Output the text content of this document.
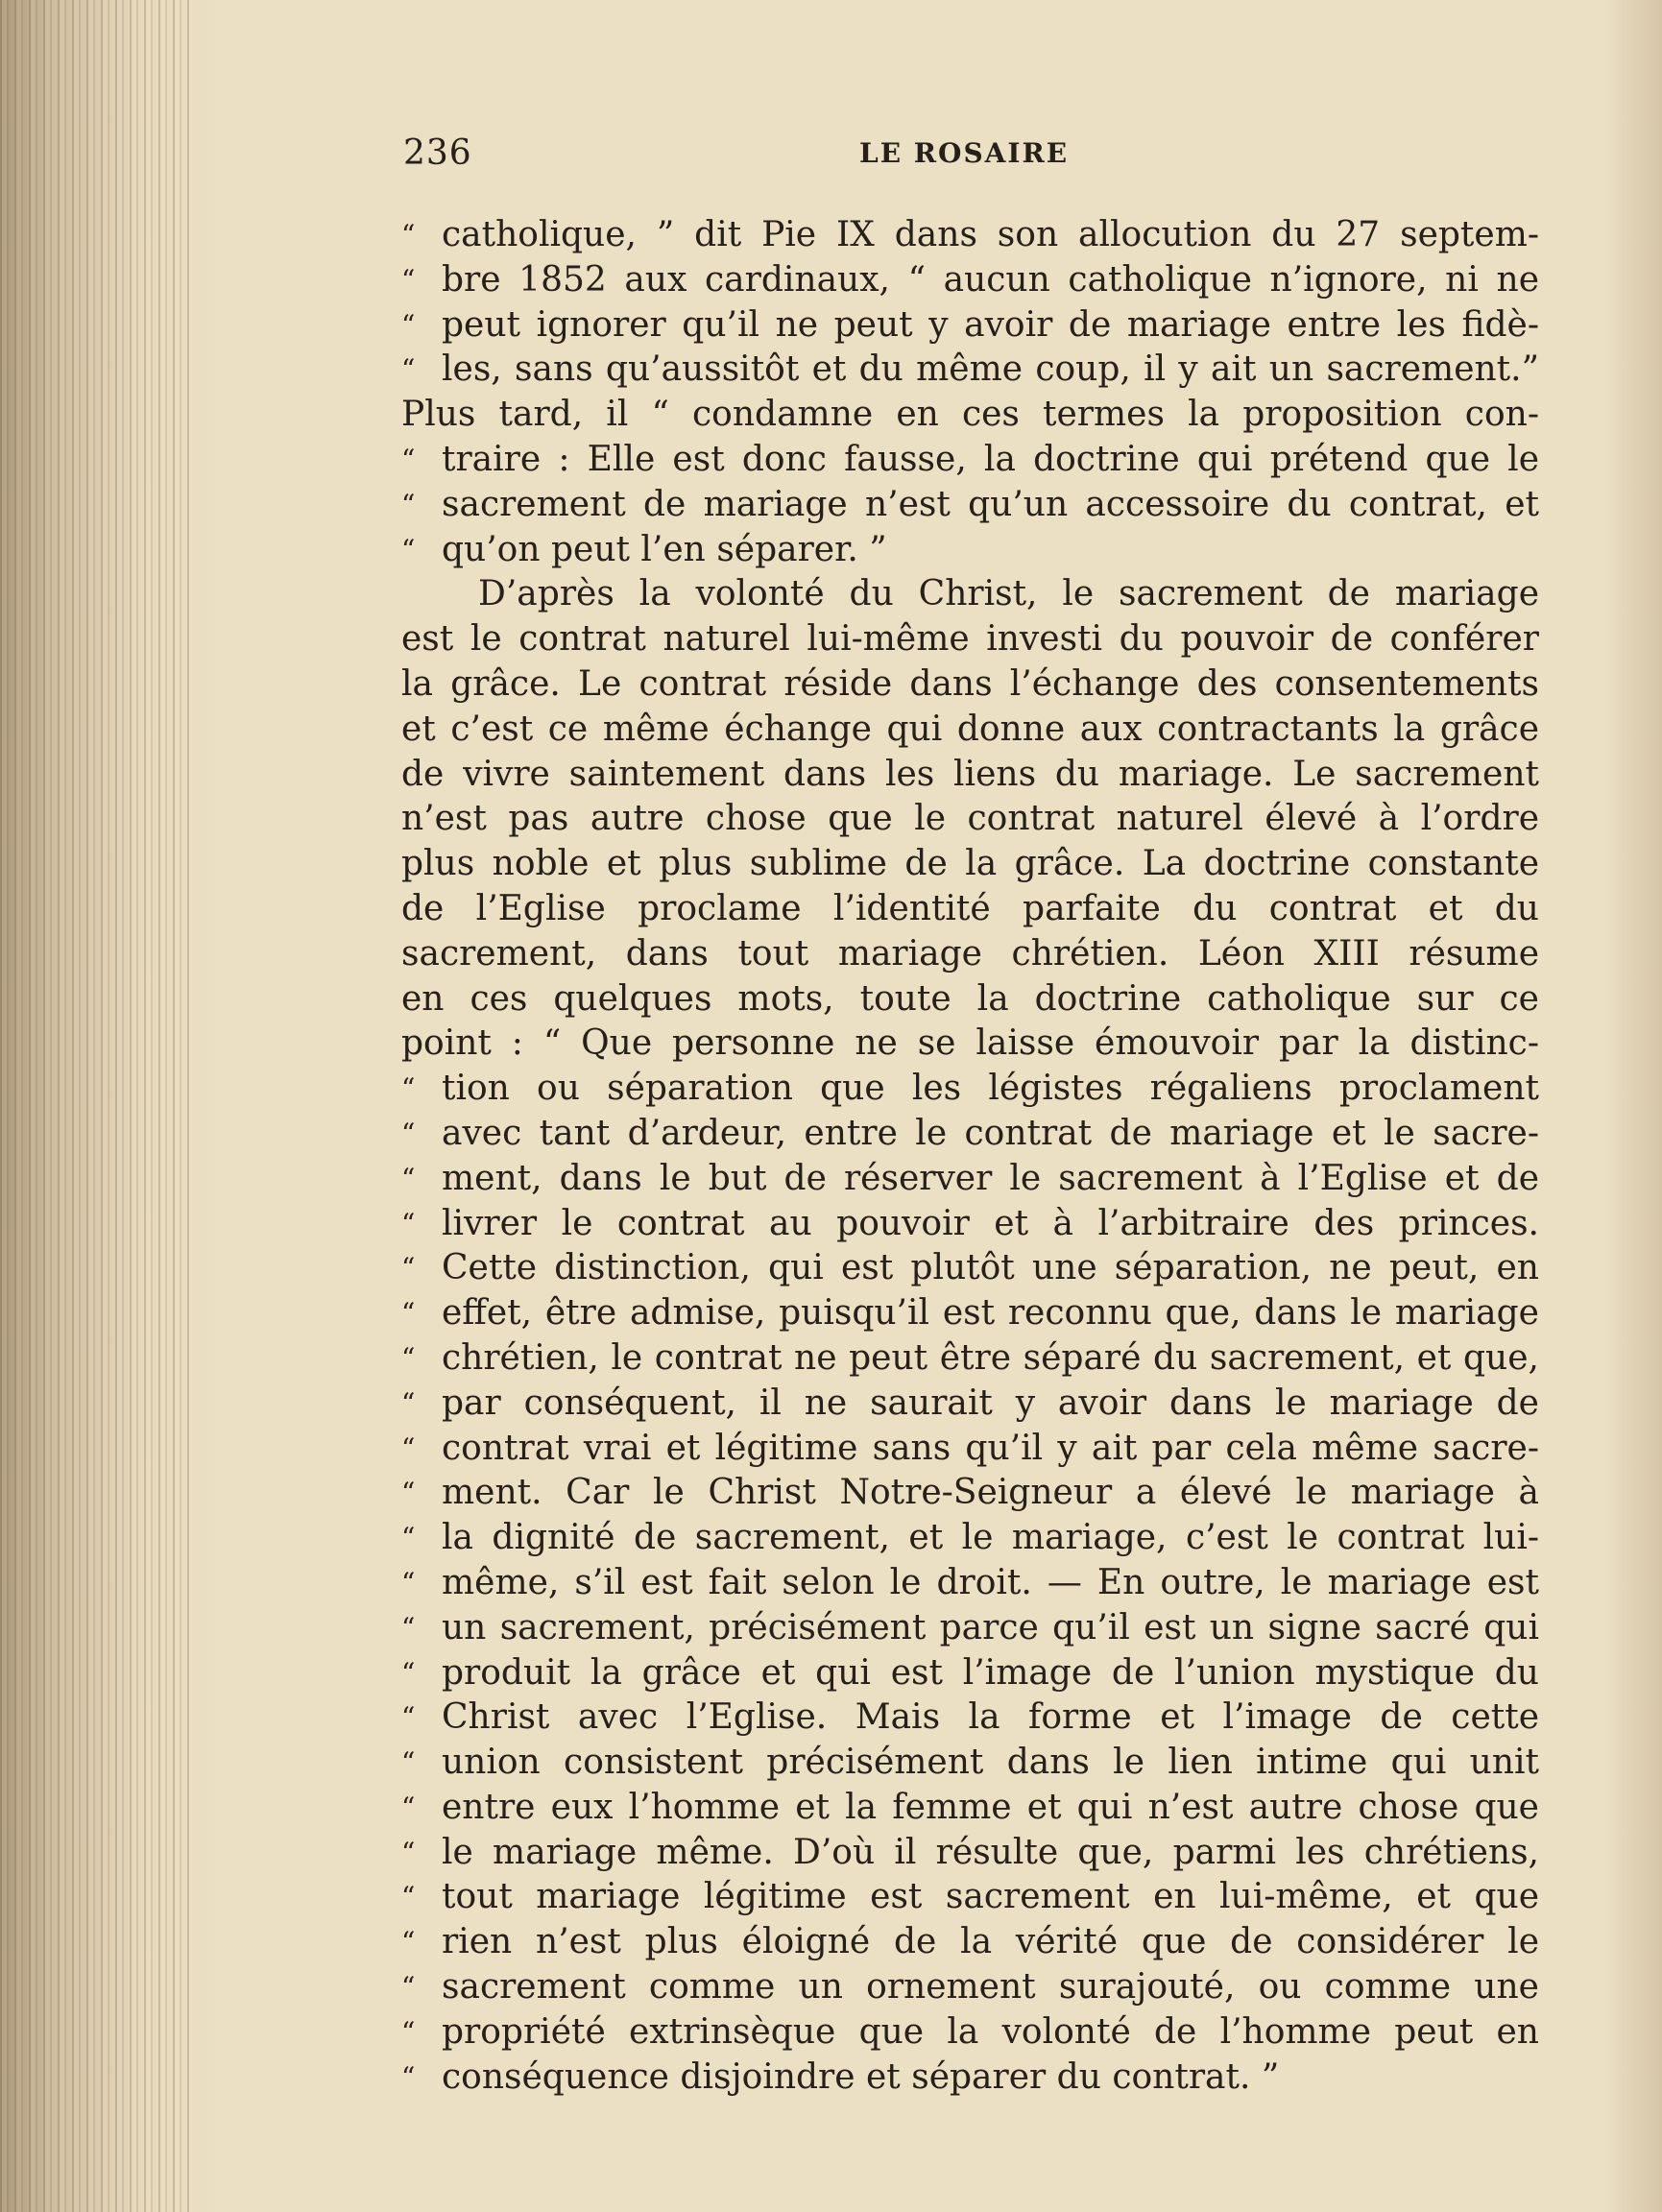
236	LE ROSAIRE
“ catholique, ” dit Pie IX dans son allocution du 27 septem-
“ bre 1852 aux cardinaux, “ aucun catholique n’ignore, ni ne
“ peut ignorer qu’il ne peut y avoir de mariage entre les fidè-
“ les, sans qu’aussitôt et du même coup, il y ait un sacrement.”
Plus tard, il “ condamne en ces termes la proposition con-
“ traire : Elle est donc fausse, la doctrine qui prétend que le
“ sacrement de mariage n’est qu’un accessoire du contrat, et
“ qu’on peut l’en séparer. ”
D’après la volonté du Christ, le sacrement de mariage
est le contrat naturel lui-même investi du pouvoir de conférer
la grâce. Le contrat réside dans l’échange des consentements
et c’est ce même échange qui donne aux contractants la grâce
de vivre saintement dans les liens du mariage. Le sacrement
n’est pas autre chose que le contrat naturel élevé à l’ordre
plus noble et plus sublime de la grâce. La doctrine constante
de l’Eglise proclame l’identité parfaite du contrat et du
sacrement, dans tout mariage chrétien. Léon XIII résume
en ces quelques mots, toute la doctrine catholique sur ce
point : “ Que personne ne se laisse émouvoir par la distinc-
“ tion ou séparation que les légistes régaliens proclament
“ avec tant d’ardeur, entre le contrat de mariage et le sacre-
“ ment, dans le but de réserver le sacrement à l’Eglise et de
“ livrer le contrat au pouvoir et à l’arbitraire des princes.
“ Cette distinction, qui est plutôt une séparation, ne peut, en
“ effet, être admise, puisqu’il est reconnu que, dans le mariage
“ chrétien, le contrat ne peut être séparé du sacrement, et que,
“ par conséquent, il ne saurait y avoir dans le mariage de
“ contrat vrai et légitime sans qu’il y ait par cela même sacre-
“ ment. Car le Christ Notre-Seigneur a élevé le mariage à
“ la dignité de sacrement, et le mariage, c’est le contrat lui-
“ même, s’il est fait selon le droit. — En outre, le mariage est
“ un sacrement, précisément parce qu’il est un signe sacré qui
“ produit la grâce et qui est l’image de l’union mystique du
“ Christ avec l’Eglise. Mais la forme et l’image de cette
“ union consistent précisément dans le lien intime qui unit
“ entre eux l’homme et la femme et qui n’est autre chose que
“ le mariage même. D’où il résulte que, parmi les chrétiens,
“ tout mariage légitime est sacrement en lui-même, et que
“ rien n’est plus éloigné de la vérité que de considérer le
“ sacrement comme un ornement surajouté, ou comme une
“ propriété extrinsèque que la volonté de l’homme peut en
“ conséquence disjoindre et séparer du contrat. ”
